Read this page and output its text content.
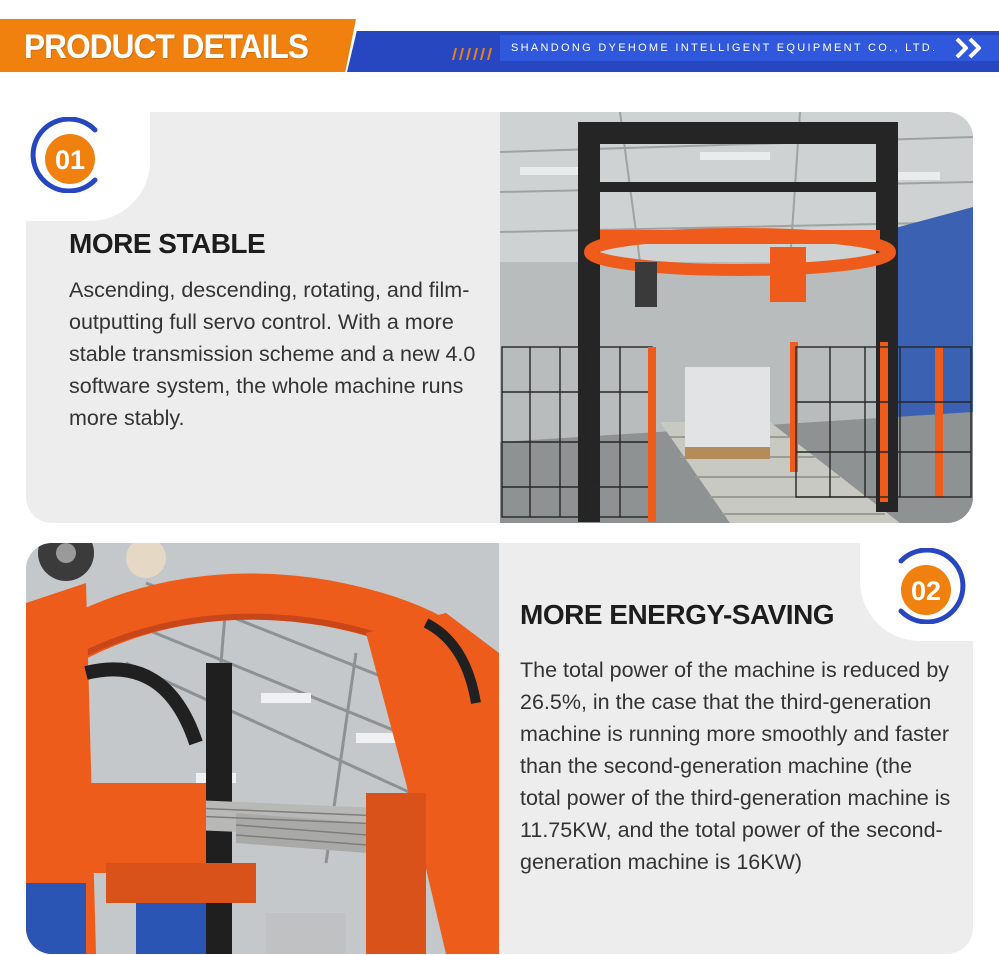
PRODUCT DETAILS	SHANDONG DYEHOME INTELLIGENT EQUIPMENT CO., LTD.
01
MORE STABLE

Ascending, descending, rotating, and film-outputting full servo control. With a more stable transmission scheme and a new 4.0 software system, the whole machine runs more stably.

02
MORE ENERGY-SAVING

The total power of the machine is reduced by 26.5%, in the case that the third-generation machine is running more smoothly and faster than the second-generation machine (the total power of the third-generation machine is 11.75KW, and the total power of the second-generation machine is 16KW)
